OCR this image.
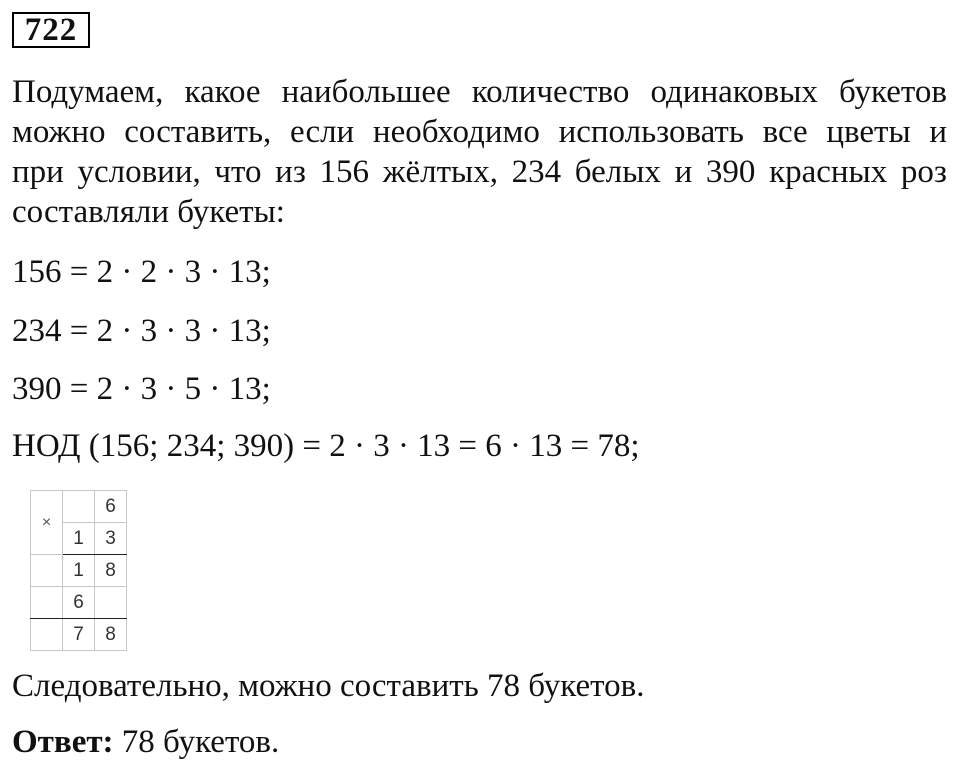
722
Подумаем, какое наибольшее количество одинаковых букетов
можно составить, если необходимо использовать все цветы и
при условии, что из 156 жёлтых, 234 белых и 390 красных роз
составляли букеты:
156 = 2 · 2 · 3 · 13;
234 = 2 · 3 · 3 · 13;
390 = 2 · 3 · 5 · 13;
НОД (156; 234; 390) = 2 · 3 · 13 = 6 · 13 = 78;
×		6
	1	3
	1	8
	6	
	7	8
Следовательно, можно составить 78 букетов.
Ответ: 78 букетов.
